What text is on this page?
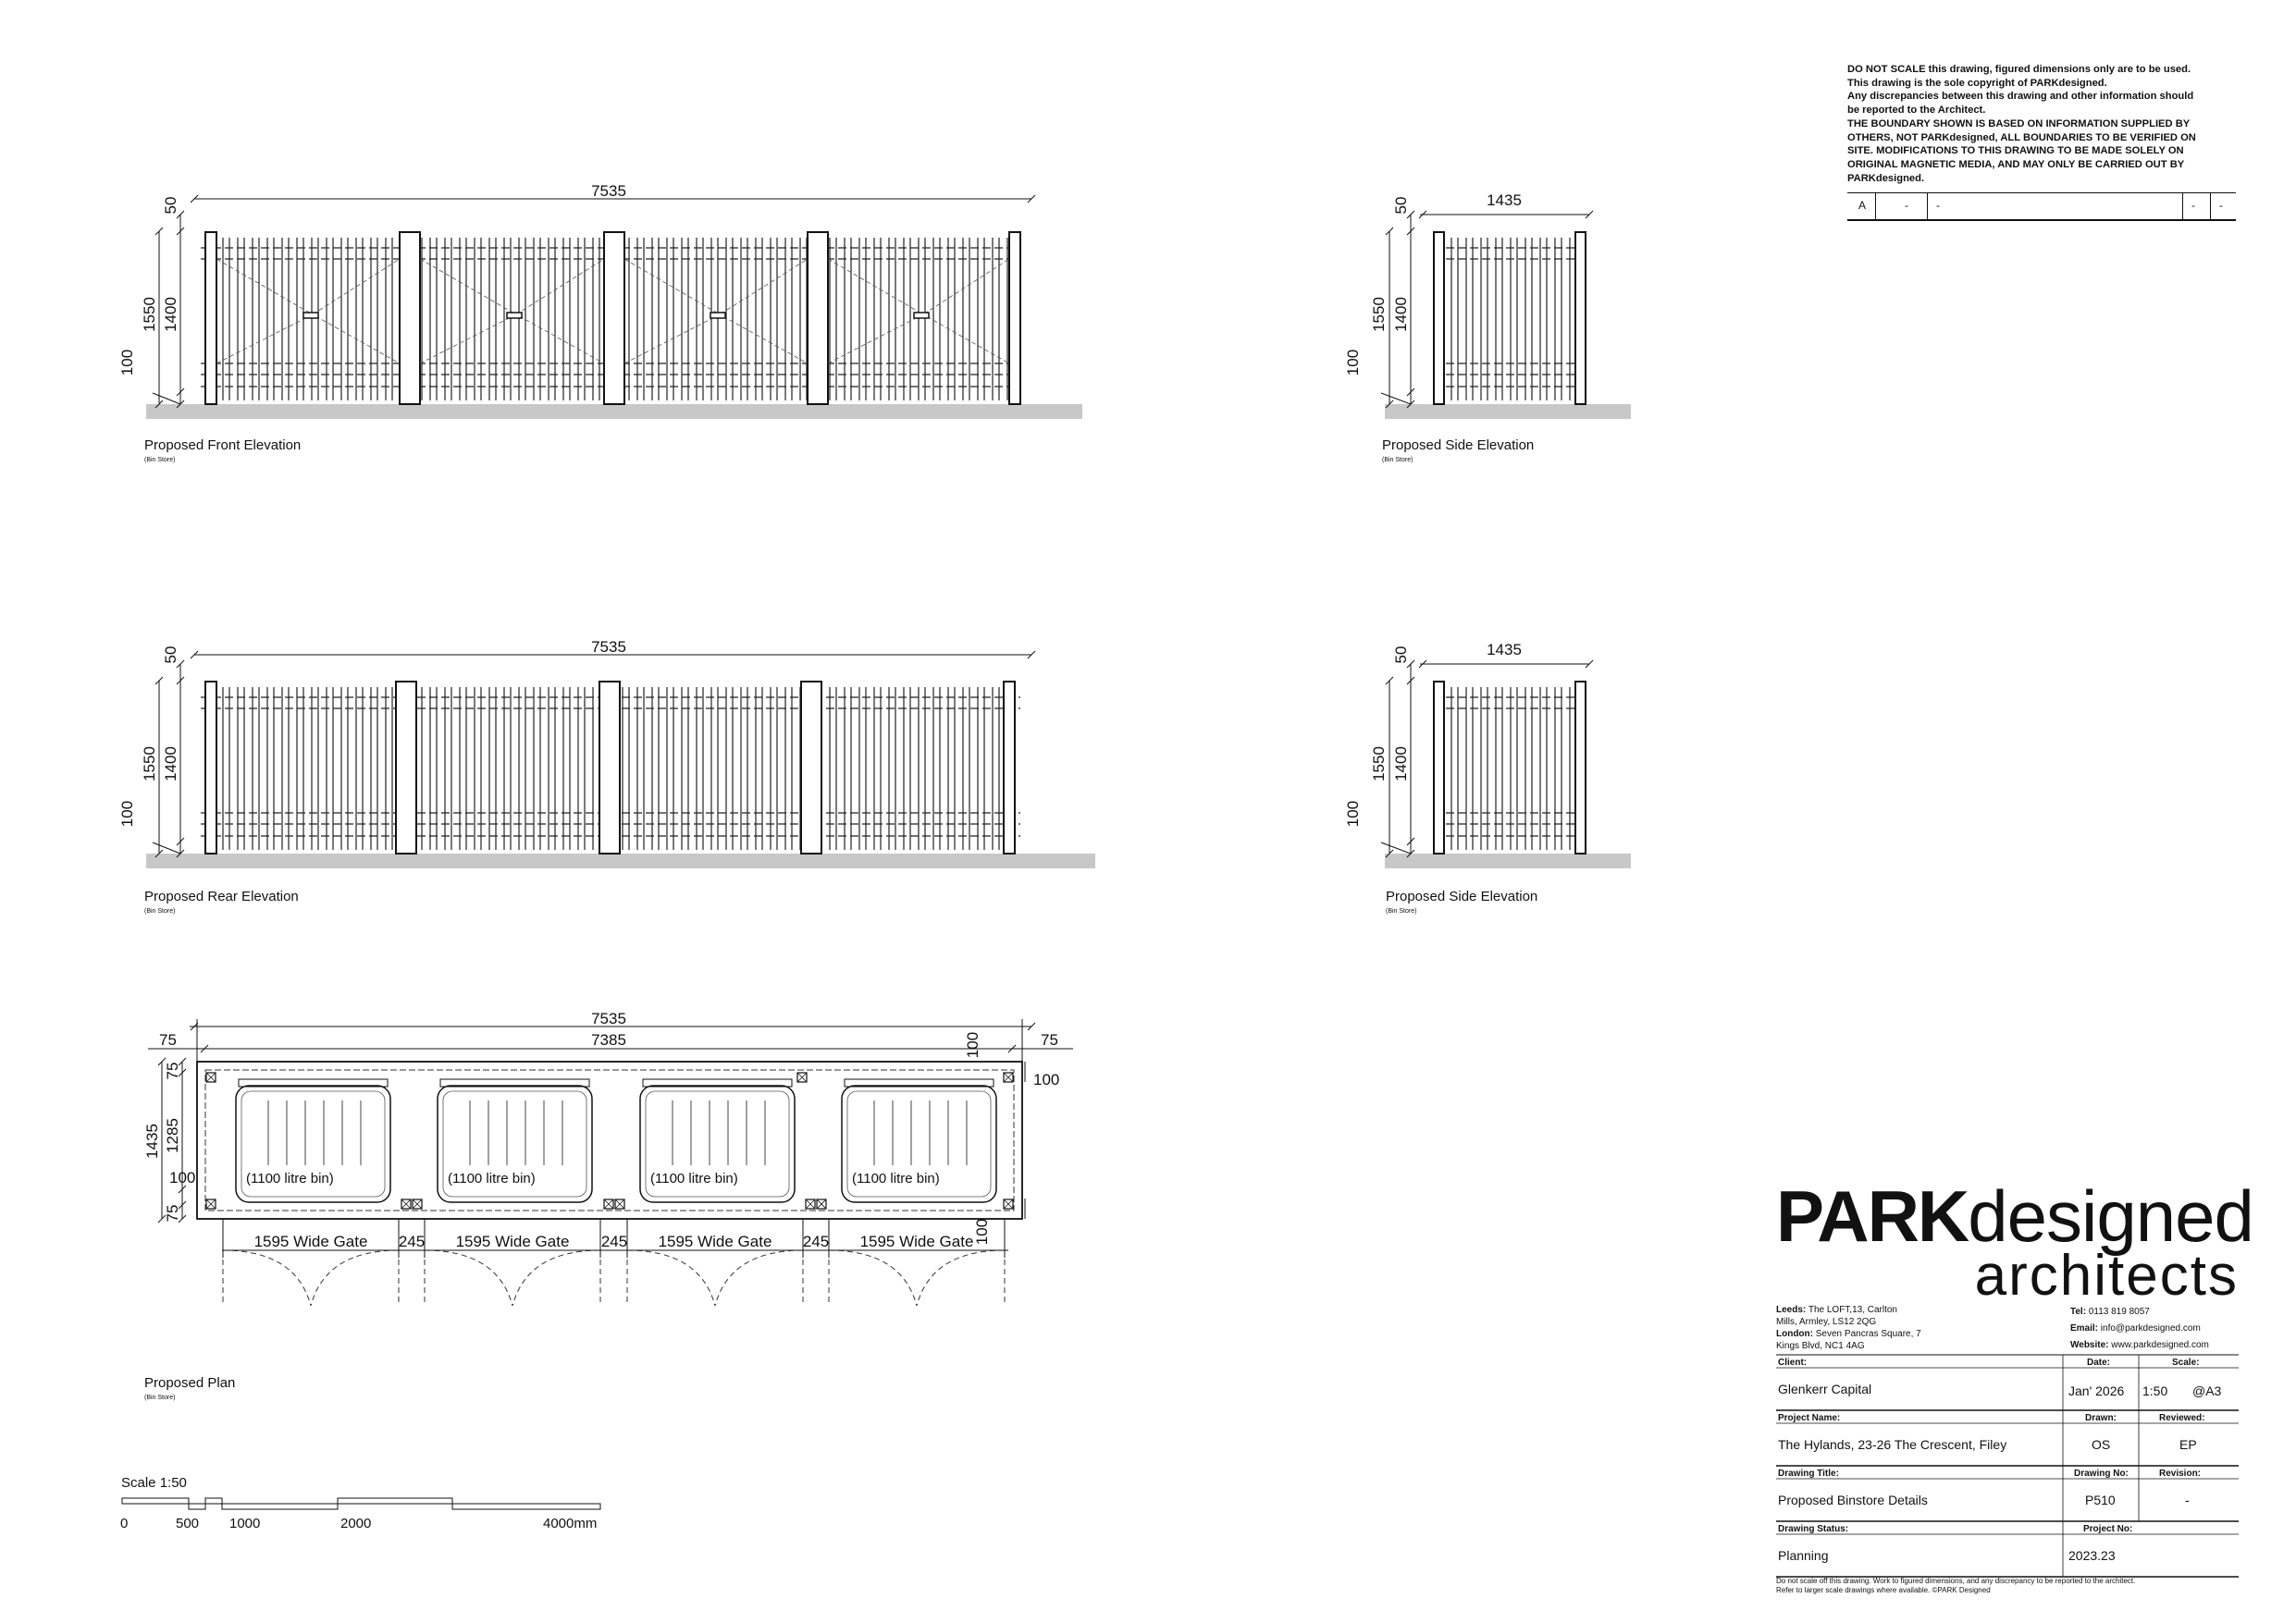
7535
50
1550 1400
100
Proposed Front Elevation
(Bin Store)
1435
50
1550 1400
100
Proposed Side Elevation
(Bin Store)
7535
50
1550 1400
100
Proposed Rear Elevation
(Bin Store)
1435
50
1550 1400
100
Proposed Side Elevation
(Bin Store)
(1100 litre bin)	(1100 litre bin)	(1100 litre bin)	(1100 litre bin)
7535
7385
75	75
100
100
100
1435
75
1285
100
75
1595 Wide Gate 245 1595 Wide Gate 245 1595 Wide Gate 245 1595 Wide Gate
Proposed Plan
(Bin Store)
Scale 1:50
0	500 1000	2000	4000mm
DO NOT SCALE this drawing, figured dimensions only are to be used.
This drawing is the sole copyright of PARKdesigned.
Any discrepancies between this drawing and other information should
be reported to the Architect.
THE BOUNDARY SHOWN IS BASED ON INFORMATION SUPPLIED BY
OTHERS, NOT PARKdesigned, ALL BOUNDARIES TO BE VERIFIED ON
SITE. MODIFICATIONS TO THIS DRAWING TO BE MADE SOLELY ON
ORIGINAL MAGNETIC MEDIA, AND MAY ONLY BE CARRIED OUT BY
PARKdesigned.
A	-	-	- -
PARKdesigned
architects
Leeds: The LOFT,13, Carlton
Mills, Armley, LS12 2QG
London: Seven Pancras Square, 7
Kings Blvd, NC1 4AG
Tel: 0113 819 8057
Email: info@parkdesigned.com
Website: www.parkdesigned.com
Client:	Date:	Scale:
Glenkerr Capital	Jan' 2026 1:50 @A3
Project Name:	Drawn:	Reviewed:
The Hylands, 23-26 The Crescent, Filey	OS	EP
Drawing Title:	Drawing No:	Revision:
Proposed Binstore Details	P510	-
Drawing Status:	Project No:
Planning	2023.23
Do not scale off this drawing. Work to figured dimensions, and any discrepancy to be reported to the architect.
Refer to larger scale drawings where available. ©PARK Designed
